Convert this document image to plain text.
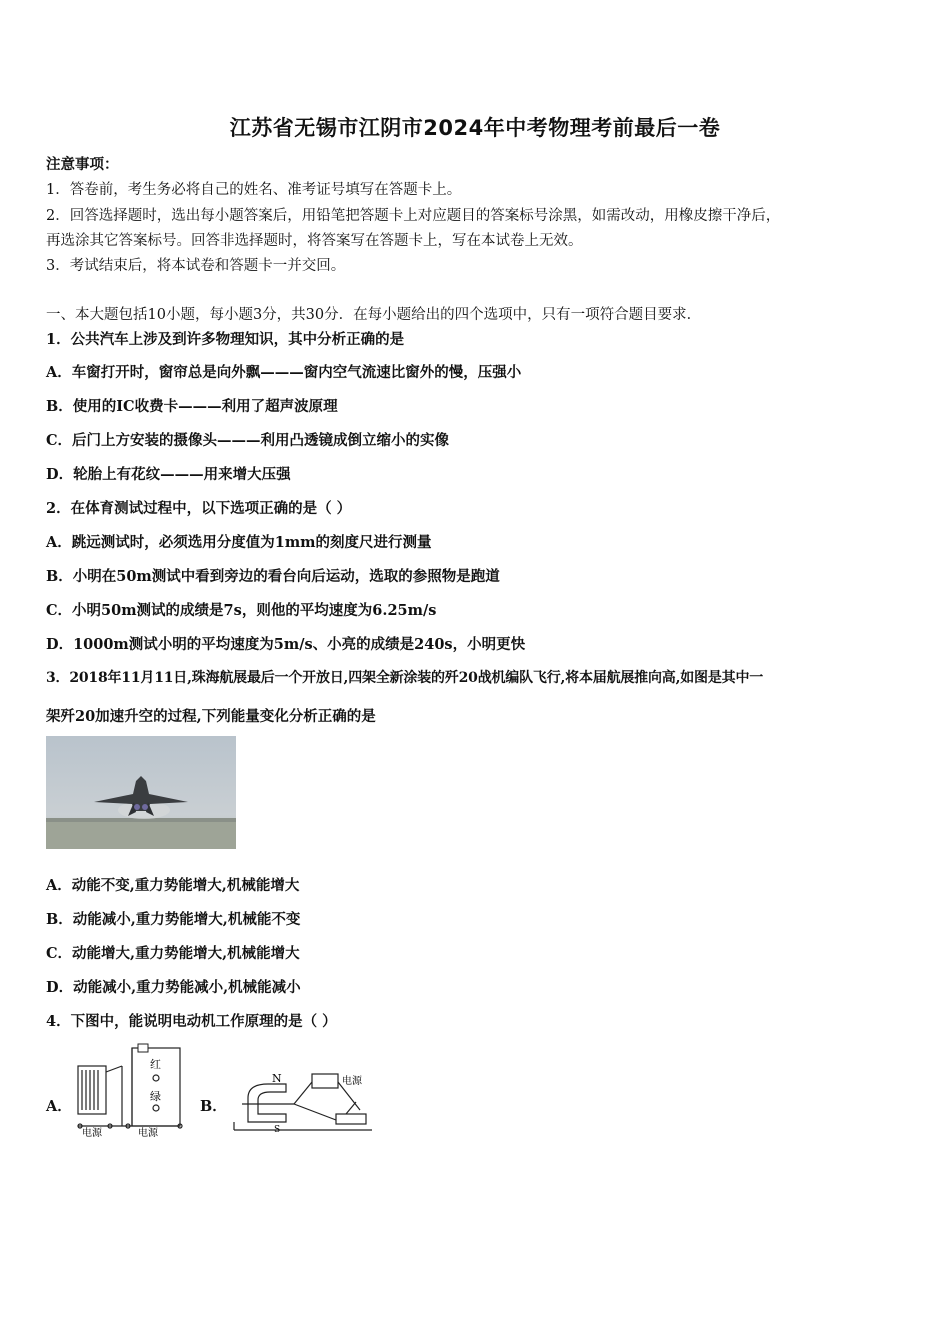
江苏省无锡市江阴市2024年中考物理考前最后一卷
注意事项：
1．答卷前，考生务必将自己的姓名、准考证号填写在答题卡上。
2．回答选择题时，选出每小题答案后，用铅笔把答题卡上对应题目的答案标号涂黑，如需改动，用橡皮擦干净后，
再选涂其它答案标号。回答非选择题时，将答案写在答题卡上，写在本试卷上无效。
3．考试结束后，将本试卷和答题卡一并交回。
一、本大题包括10小题，每小题3分，共30分．在每小题给出的四个选项中，只有一项符合题目要求．
1．公共汽车上涉及到许多物理知识，其中分析正确的是
A．车窗打开时，窗帘总是向外飘———窗内空气流速比窗外的慢，压强小
B．使用的IC收费卡———利用了超声波原理
C．后门上方安装的摄像头———利用凸透镜成倒立缩小的实像
D．轮胎上有花纹———用来增大压强
2．在体育测试过程中，以下选项正确的是（ ）
A．跳远测试时，必须选用分度值为1mm的刻度尺进行测量
B．小明在50m测试中看到旁边的看台向后运动，选取的参照物是跑道
C．小明50m测试的成绩是7s，则他的平均速度为6.25m/s
D．1000m测试小明的平均速度为5m/s、小亮的成绩是240s，小明更快
3．2018年11月11日,珠海航展最后一个开放日,四架全新涂装的歼20战机编队飞行,将本届航展推向高,如图是其中一
架歼20加速升空的过程,下列能量变化分析正确的是
A．动能不变,重力势能增大,机械能增大
B．动能减小,重力势能增大,机械能不变
C．动能增大,重力势能增大,机械能增大
D．动能减小,重力势能减小,机械能减小
4．下图中，能说明电动机工作原理的是（ ）
A．
红
绿
电源	电源
B．
N
S
电源
